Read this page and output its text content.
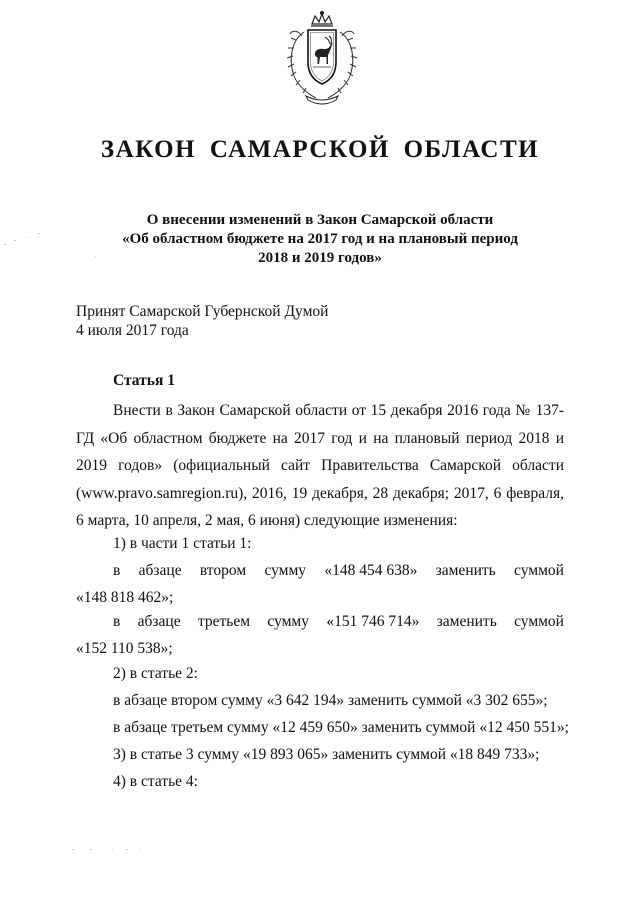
ЗАКОН САМАРСКОЙ ОБЛАСТИ
О внесении изменений в Закон Самарской области
«Об областном бюджете на 2017 год и на плановый период
2018 и 2019 годов»
Принят Самарской Губернской Думой
4 июля 2017 года
Статья 1

Внести в Закон Самарской области от 15 декабря 2016 года № 137-ГД «Об областном бюджете на 2017 год и на плановый период 2018 и 2019 годов» (официальный сайт Правительства Самарской области (www.pravo.samregion.ru), 2016, 19 декабря, 28 декабря; 2017, 6 февраля, 6 марта, 10 апреля, 2 мая, 6 июня) следующие изменения:

1) в части 1 статьи 1:
в абзаце втором сумму «148 454 638» заменить суммой
«148 818 462»;
в абзаце третьем сумму «151 746 714» заменить суммой
«152 110 538»;
2) в статье 2:
в абзаце втором сумму «3 642 194» заменить суммой «3 302 655»;
в абзаце третьем сумму «12 459 650» заменить суммой «12 450 551»;
3) в статье 3 сумму «19 893 065» заменить суммой «18 849 733»;
4) в статье 4:
